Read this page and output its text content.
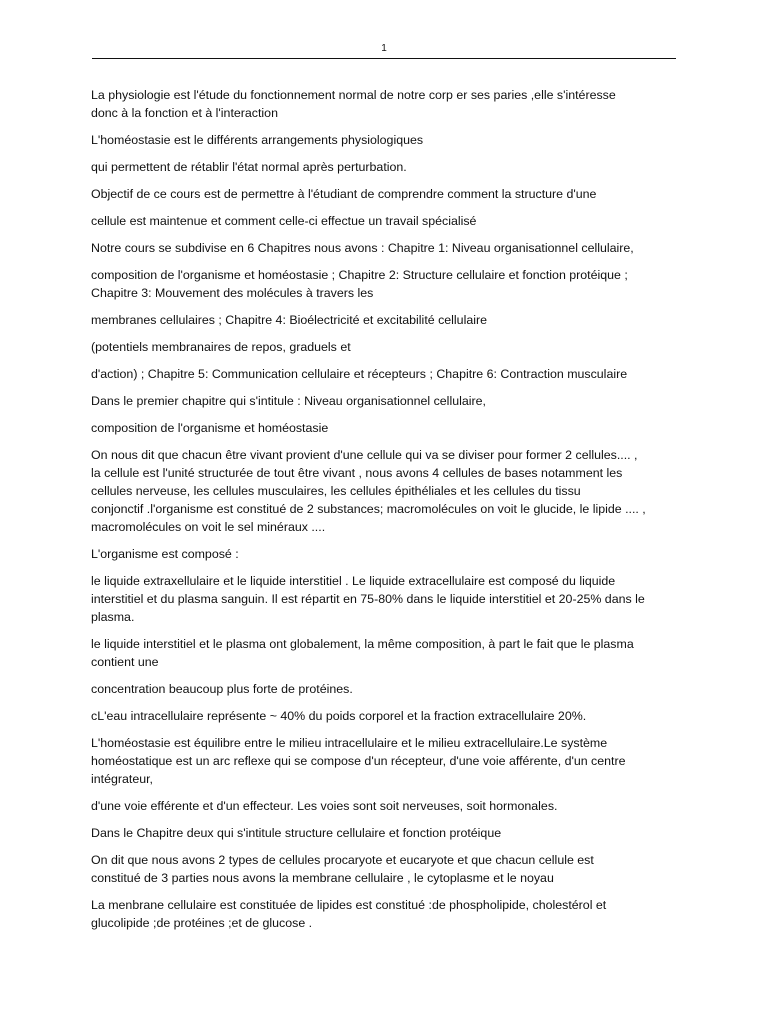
1

La physiologie est l'étude du fonctionnement normal de notre corp er ses paries ,elle s'intéresse
donc à la fonction et à l'interaction

L'homéostasie est le différents arrangements physiologiques

qui permettent de rétablir l'état normal après perturbation.

Objectif de ce cours est de permettre à l'étudiant de comprendre comment la structure d'une

cellule est maintenue et comment celle-ci effectue un travail spécialisé

Notre cours se subdivise en 6 Chapitres nous avons : Chapitre 1: Niveau organisationnel cellulaire,

composition de l'organisme et homéostasie ; Chapitre 2: Structure cellulaire et fonction protéique ;
Chapitre 3: Mouvement des molécules à travers les

membranes cellulaires ; Chapitre 4: Bioélectricité et excitabilité cellulaire

(potentiels membranaires de repos, graduels et

d'action) ; Chapitre 5: Communication cellulaire et récepteurs ; Chapitre 6: Contraction musculaire

Dans le premier chapitre qui s'intitule : Niveau organisationnel cellulaire,

composition de l'organisme et homéostasie

On nous dit que chacun être vivant provient d'une cellule qui va se diviser pour former 2 cellules.... ,
la cellule est l'unité structurée de tout être vivant , nous avons 4 cellules de bases notamment les
cellules nerveuse, les cellules musculaires, les cellules épithéliales et les cellules du tissu
conjonctif .l'organisme est constitué de 2 substances; macromolécules on voit le glucide, le lipide .... ,
macromolécules on voit le sel minéraux ....

L'organisme est composé :

le liquide extraxellulaire et le liquide interstitiel . Le liquide extracellulaire est composé du liquide
interstitiel et du plasma sanguin. Il est répartit en 75-80% dans le liquide interstitiel et 20-25% dans le
plasma.

le liquide interstitiel et le plasma ont globalement, la même composition, à part le fait que le plasma
contient une

concentration beaucoup plus forte de protéines.

cL'eau intracellulaire représente ~ 40% du poids corporel et la fraction extracellulaire 20%.

L'homéostasie est équilibre entre le milieu intracellulaire et le milieu extracellulaire.Le système
homéostatique est un arc reflexe qui se compose d'un récepteur, d'une voie afférente, d'un centre
intégrateur,

d'une voie efférente et d'un effecteur. Les voies sont soit nerveuses, soit hormonales.

Dans le Chapitre deux qui s'intitule structure cellulaire et fonction protéique

On dit que nous avons 2 types de cellules procaryote et eucaryote et que chacun cellule est
constitué de 3 parties nous avons la membrane cellulaire , le cytoplasme et le noyau

La menbrane cellulaire est constituée de lipides est constitué :de phospholipide, cholestérol et
glucolipide ;de protéines ;et de glucose .
